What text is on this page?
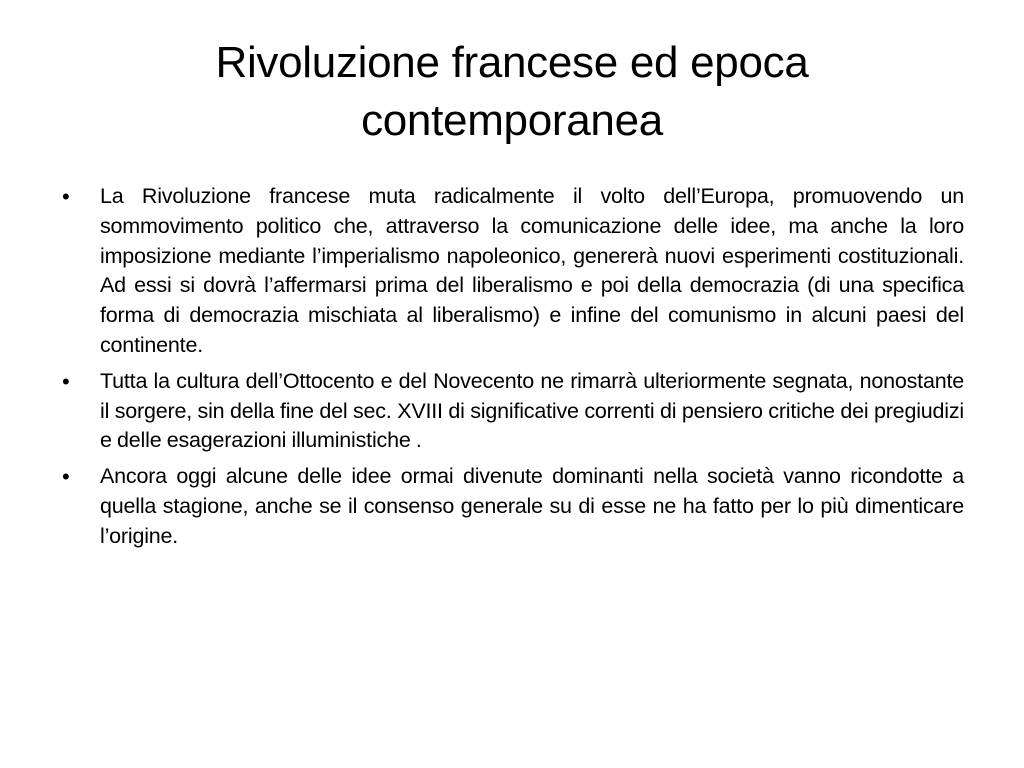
Rivoluzione francese ed epoca contemporanea
•	La Rivoluzione francese muta radicalmente il volto dell’Europa, promuovendo un sommovimento politico che, attraverso la comunicazione delle idee, ma anche la loro imposizione mediante l’imperialismo napoleonico, genererà nuovi esperimenti costituzionali. Ad essi si dovrà l’affermarsi prima del liberalismo e poi della democrazia (di una specifica forma di democrazia mischiata al liberalismo) e infine del comunismo in alcuni paesi del continente.
•	Tutta la cultura dell’Ottocento e del Novecento ne rimarrà ulteriormente segnata, nonostante il sorgere, sin della fine del sec. XVIII di significative correnti di pensiero critiche dei pregiudizi e delle esagerazioni illuministiche .
•	Ancora oggi alcune delle idee ormai divenute dominanti nella società vanno ricondotte a quella stagione, anche se il consenso generale su di esse ne ha fatto per lo più dimenticare l’origine.
